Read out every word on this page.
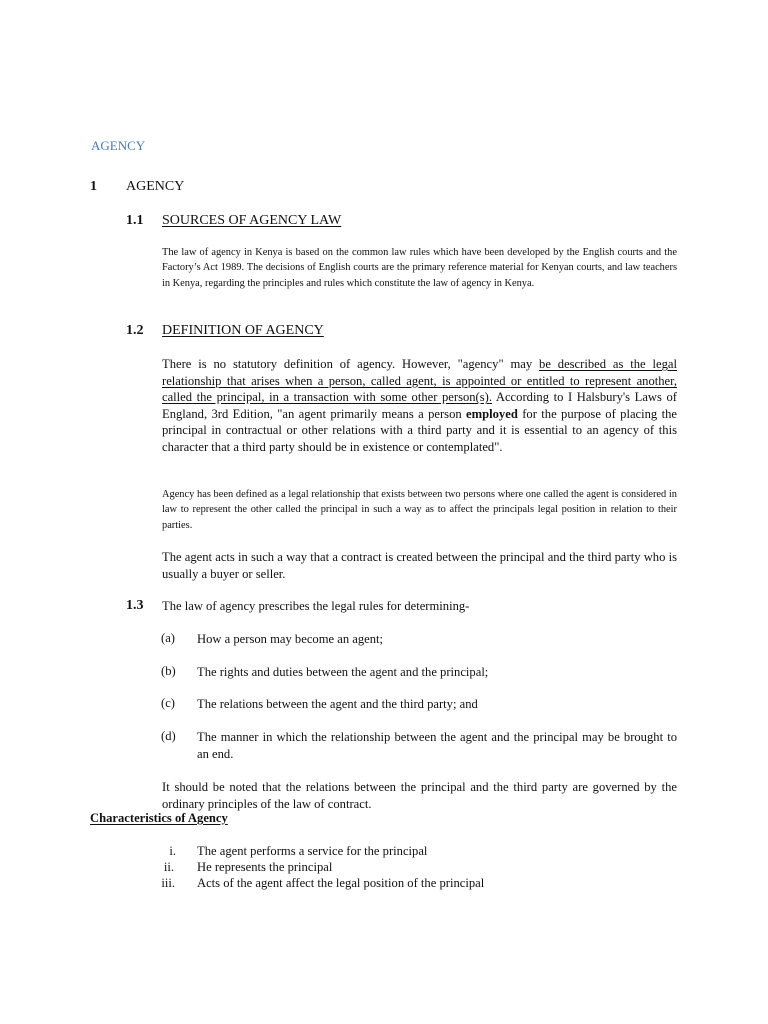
AGENCY
1 AGENCY
1.1 SOURCES OF AGENCY LAW
The law of agency in Kenya is based on the common law rules which have been developed by the English courts and the Factory’s Act 1989. The decisions of English courts are the primary reference material for Kenyan courts, and law teachers in Kenya, regarding the principles and rules which constitute the law of agency in Kenya.
1.2 DEFINITION OF AGENCY
There is no statutory definition of agency. However, "agency" may be described as the legal relationship that arises when a person, called agent, is appointed or entitled to represent another, called the principal, in a transaction with some other person(s). According to I Halsbury's Laws of England, 3rd Edition, "an agent primarily means a person employed for the purpose of placing the principal in contractual or other relations with a third party and it is essential to an agency of this character that a third party should be in existence or contemplated".
Agency has been defined as a legal relationship that exists between two persons where one called the agent is considered in law to represent the other called the principal in such a way as to affect the principals legal position in relation to their parties.
The agent acts in such a way that a contract is created between the principal and the third party who is usually a buyer or seller.
1.3 The law of agency prescribes the legal rules for determining-
(a) How a person may become an agent;
(b) The rights and duties between the agent and the principal;
(c) The relations between the agent and the third party; and
(d) The manner in which the relationship between the agent and the principal may be brought to an end.
It should be noted that the relations between the principal and the third party are governed by the ordinary principles of the law of contract.
Characteristics of Agency
i. The agent performs a service for the principal
ii. He represents the principal
iii. Acts of the agent affect the legal position of the principal
